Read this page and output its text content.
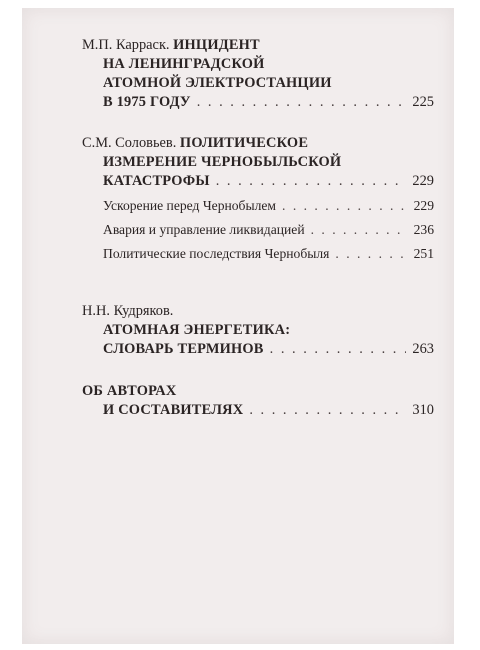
М.П. Карраск. ИНЦИДЕНТ
НА ЛЕНИНГРАДСКОЙ
АТОМНОЙ ЭЛЕКТРОСТАНЦИИ
В 1975 ГОДУ . . .	225
С.М. Соловьев. ПОЛИТИЧЕСКОЕ
ИЗМЕРЕНИЕ ЧЕРНОБЫЛЬСКОЙ
КАТАСТРОФЫ . . .	229
Ускорение перед Чернобылем . . .	229
Авария и управление ликвидацией . . .	236
Политические последствия Чернобыля . . .	251
Н.Н. Кудряков.
АТОМНАЯ ЭНЕРГЕТИКА:
СЛОВАРЬ ТЕРМИНОВ . . .	263
ОБ АВТОРАХ
И СОСТАВИТЕЛЯХ . . .	310
